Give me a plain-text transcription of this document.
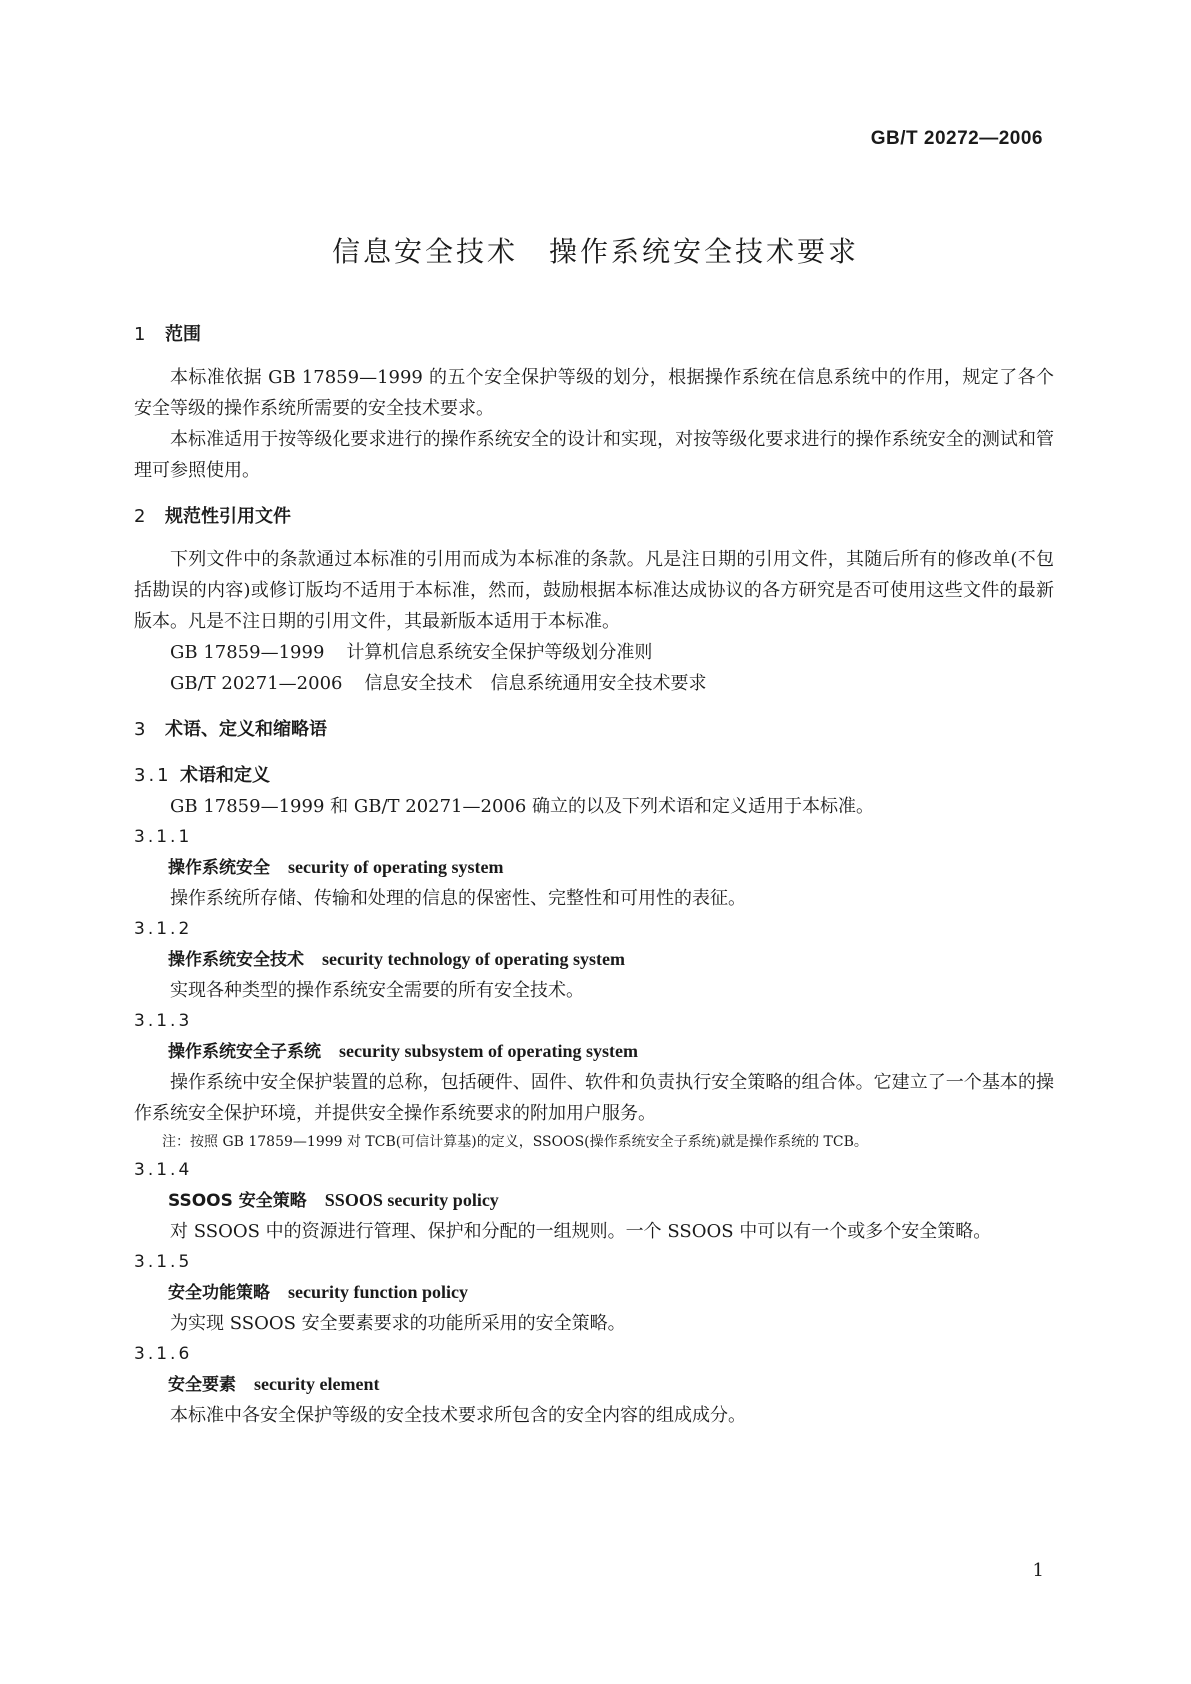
GB/T 20272—2006
信息安全技术　操作系统安全技术要求
1 范围

本标准依据 GB 17859—1999 的五个安全保护等级的划分，根据操作系统在信息系统中的作用，规定了各个安全等级的操作系统所需要的安全技术要求。

本标准适用于按等级化要求进行的操作系统安全的设计和实现，对按等级化要求进行的操作系统安全的测试和管理可参照使用。

2 规范性引用文件

下列文件中的条款通过本标准的引用而成为本标准的条款。凡是注日期的引用文件，其随后所有的修改单(不包括勘误的内容)或修订版均不适用于本标准，然而，鼓励根据本标准达成协议的各方研究是否可使用这些文件的最新版本。凡是不注日期的引用文件，其最新版本适用于本标准。

GB 17859—1999 计算机信息系统安全保护等级划分准则

GB/T 20271—2006 信息安全技术　信息系统通用安全技术要求

3 术语、定义和缩略语
3.1 术语和定义

GB 17859—1999 和 GB/T 20271—2006 确立的以及下列术语和定义适用于本标准。

3.1.1

操作系统安全 security of operating system

操作系统所存储、传输和处理的信息的保密性、完整性和可用性的表征。

3.1.2

操作系统安全技术 security technology of operating system

实现各种类型的操作系统安全需要的所有安全技术。

3.1.3

操作系统安全子系统 security subsystem of operating system

操作系统中安全保护装置的总称，包括硬件、固件、软件和负责执行安全策略的组合体。它建立了一个基本的操作系统安全保护环境，并提供安全操作系统要求的附加用户服务。

注：按照 GB 17859—1999 对 TCB(可信计算基)的定义，SSOOS(操作系统安全子系统)就是操作系统的 TCB。

3.1.4

SSOOS 安全策略 SSOOS security policy

对 SSOOS 中的资源进行管理、保护和分配的一组规则。一个 SSOOS 中可以有一个或多个安全策略。

3.1.5

安全功能策略 security function policy

为实现 SSOOS 安全要素要求的功能所采用的安全策略。

3.1.6

安全要素 security element

本标准中各安全保护等级的安全技术要求所包含的安全内容的组成成分。

1
